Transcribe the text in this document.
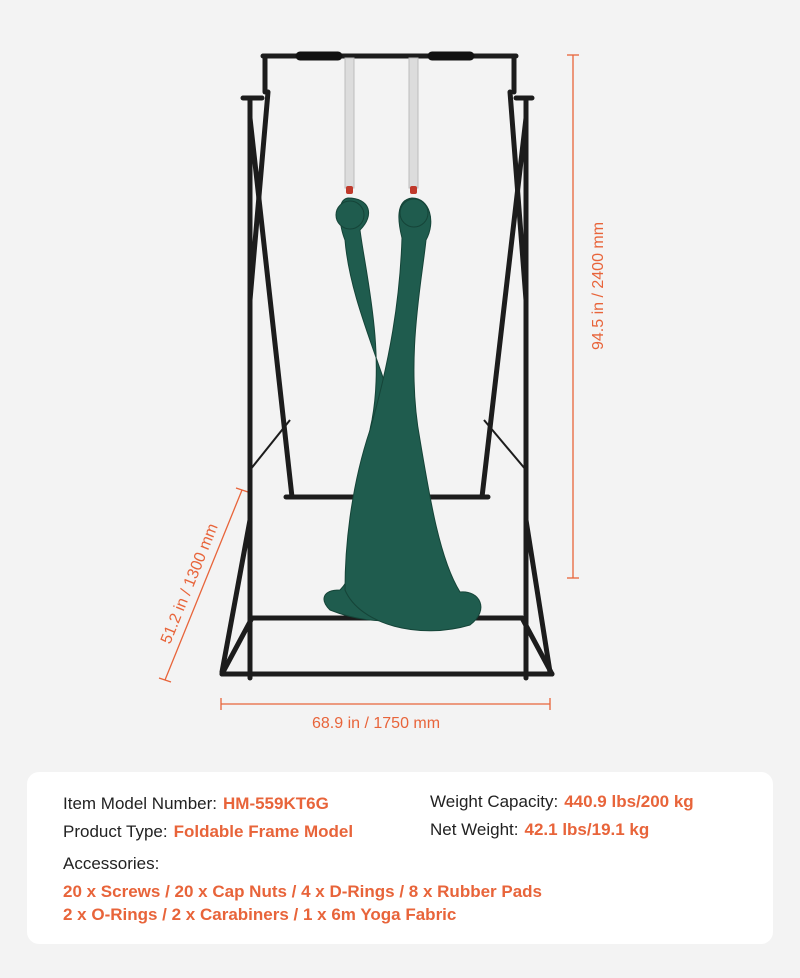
94.5 in / 2400 mm
51.2 in / 1300 mm
68.9 in / 1750 mm
Item Model Number: HM-559KT6G	Weight Capacity: 440.9 lbs/200 kg
Product Type: Foldable Frame Model	Net Weight: 42.1 lbs/19.1 kg
Accessories:
20 x Screws / 20 x Cap Nuts / 4 x D-Rings / 8 x Rubber Pads
2 x O-Rings / 2 x Carabiners / 1 x 6m Yoga Fabric
